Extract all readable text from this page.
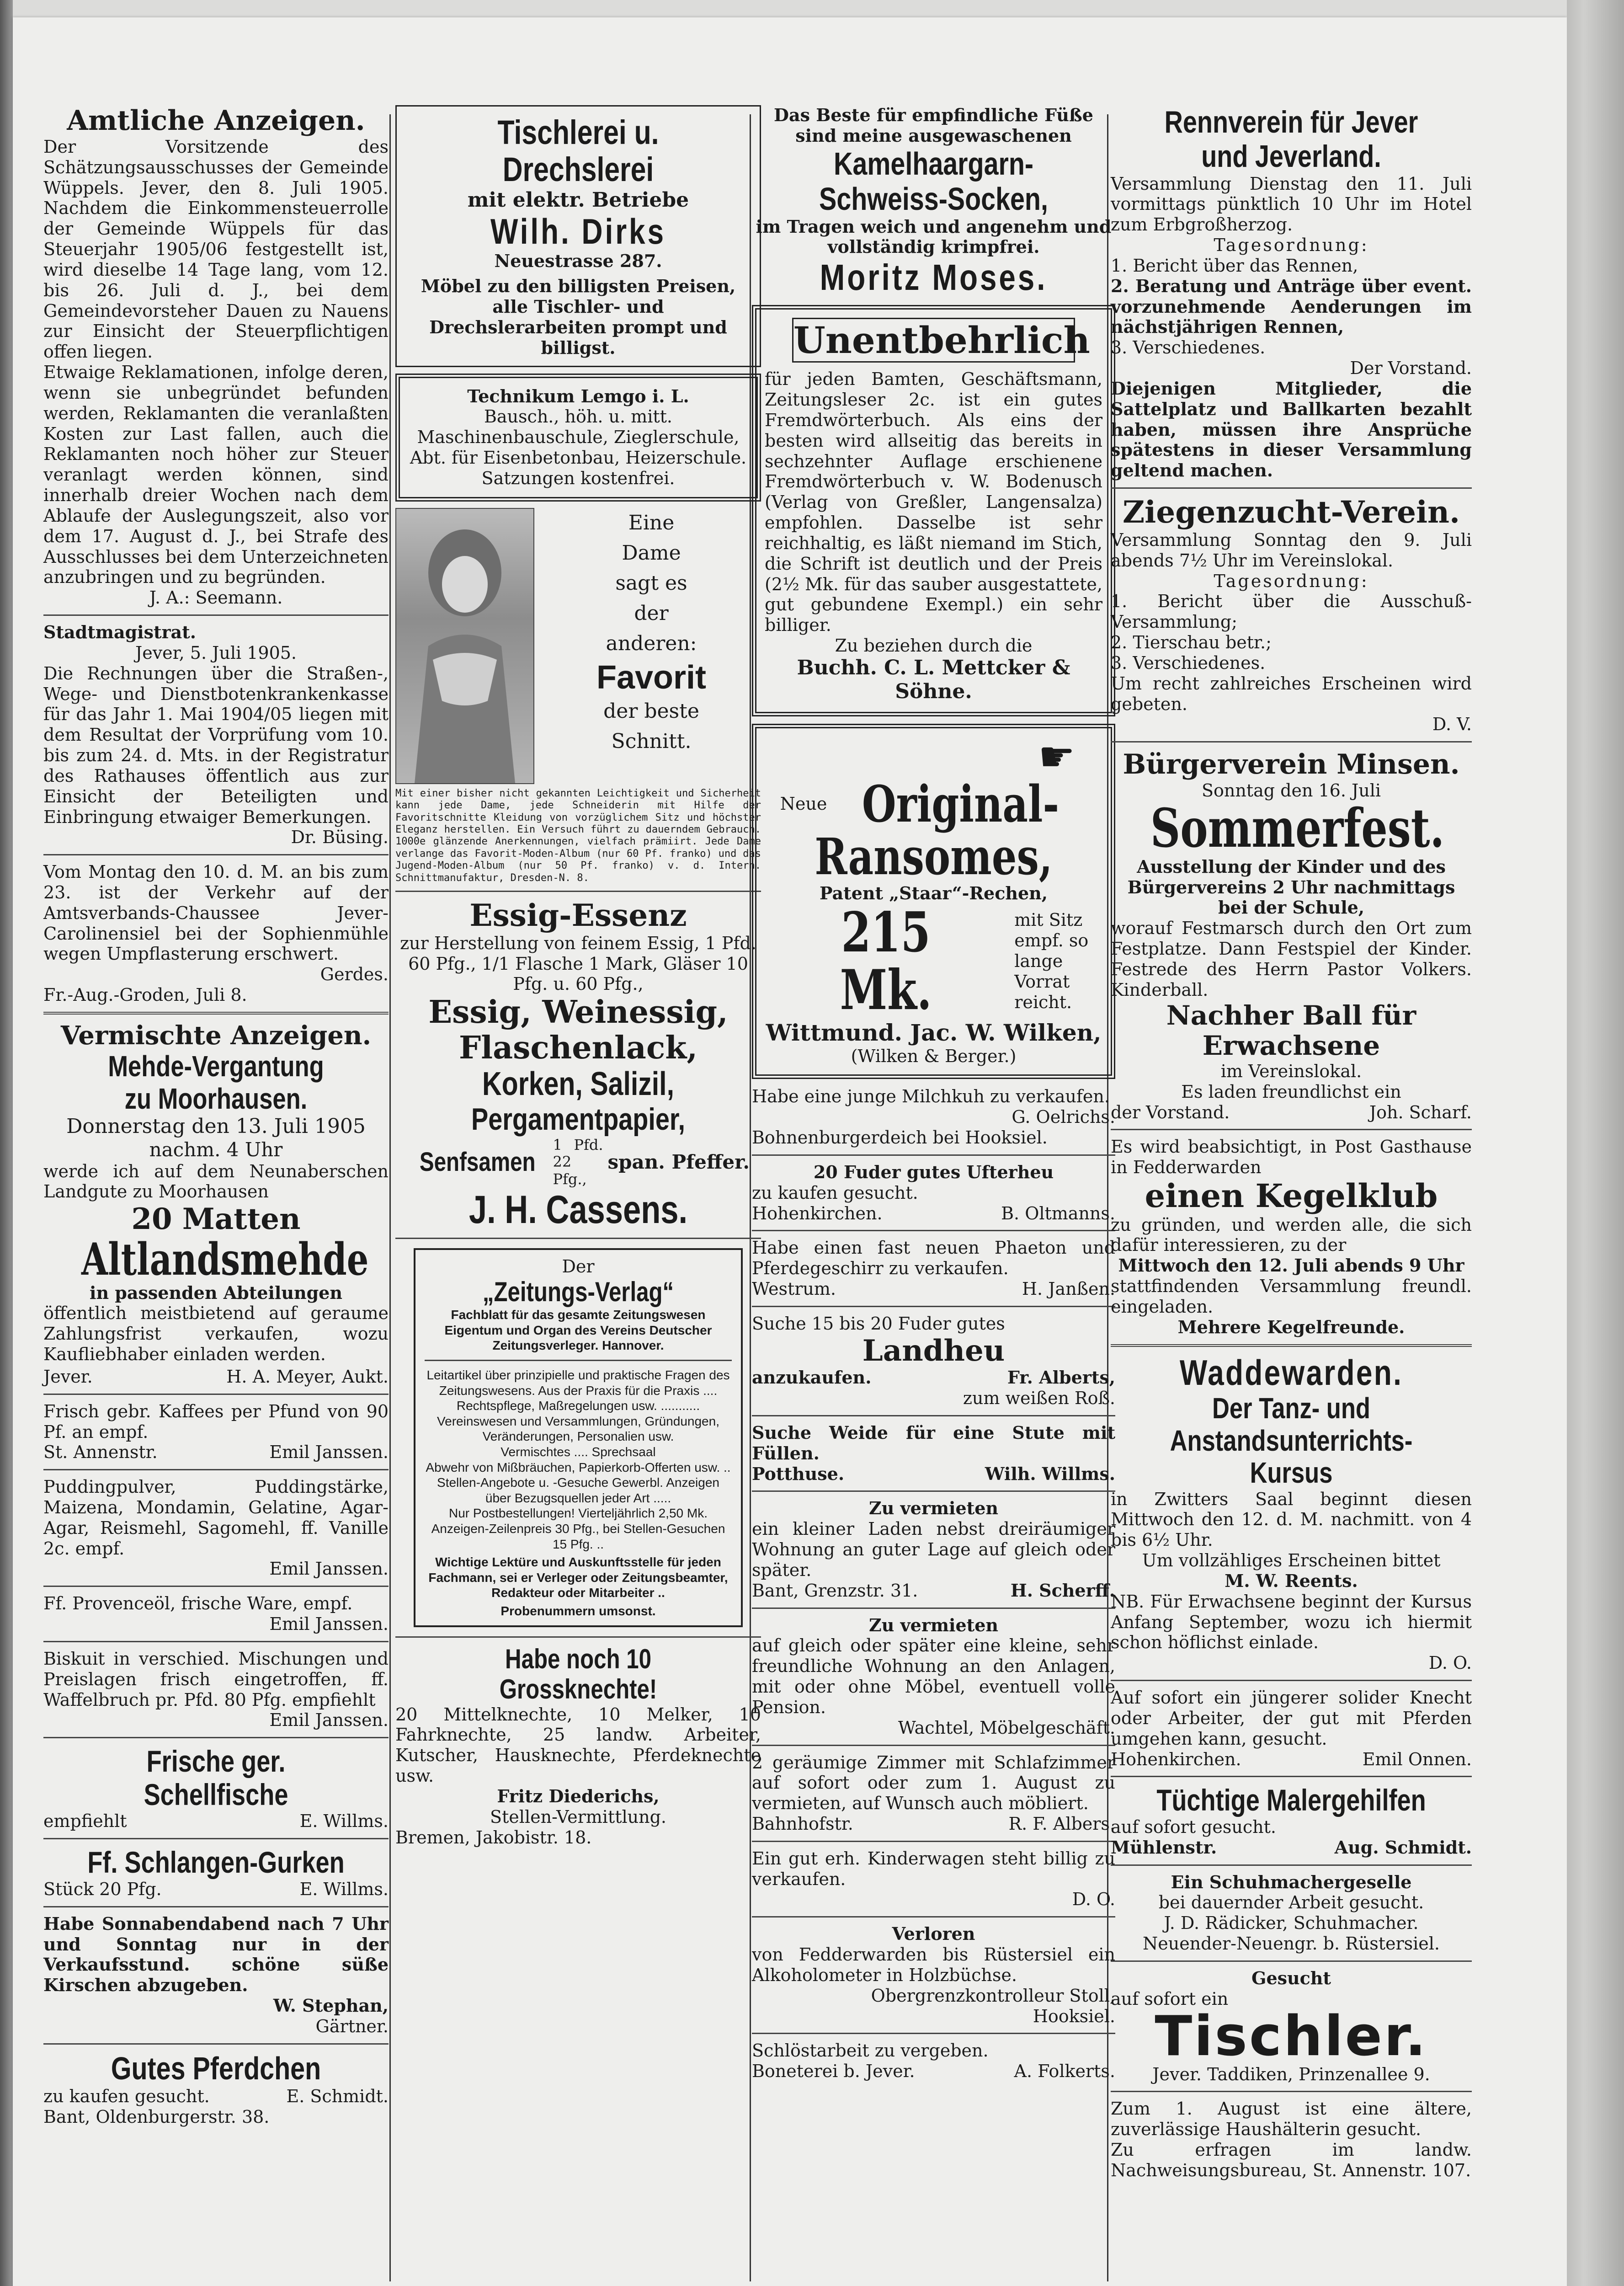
Amtliche Anzeigen.

Der Vorsitzende des Schätzungsausschusses der Gemeinde Wüppels. Jever, den 8. Juli 1905. Nachdem die Einkommensteuerrolle der Gemeinde Wüppels für das Steuerjahr 1905/06 festgestellt ist, wird dieselbe 14 Tage lang, vom 12. bis 26. Juli d. J., bei dem Gemeindevorsteher Dauen zu Nauens zur Einsicht der Steuerpflichtigen offen liegen.

Etwaige Reklamationen, infolge deren, wenn sie unbegründet befunden werden, Reklamanten die veranlaßten Kosten zur Last fallen, auch die Reklamanten noch höher zur Steuer veranlagt werden können, sind innerhalb dreier Wochen nach dem Ablaufe der Auslegungszeit, also vor dem 17. August d. J., bei Strafe des Ausschlusses bei dem Unterzeichneten anzubringen und zu begründen.

J. A.: Seemann.

Stadtmagistrat.

Jever, 5. Juli 1905.

Die Rechnungen über die Straßen-, Wege- und Dienstbotenkrankenkasse für das Jahr 1. Mai 1904/05 liegen mit dem Resultat der Vorprüfung vom 10. bis zum 24. d. Mts. in der Registratur des Rathauses öffentlich aus zur Einsicht der Beteiligten und Einbringung etwaiger Bemerkungen.

Dr. Büsing.

Vom Montag den 10. d. M. an bis zum 23. ist der Verkehr auf der Amtsverbands-Chaussee Jever-Carolinensiel bei der Sophienmühle wegen Umpflasterung erschwert.

Gerdes.

Fr.-Aug.-Groden, Juli 8.

Vermischte Anzeigen.
Mehde-Vergantung
zu Moorhausen.

Donnerstag den 13. Juli 1905

nachm. 4 Uhr

werde ich auf dem Neunaberschen Landgute zu Moorhausen

20 Matten

Altlandsmehde

in passenden Abteilungen

öffentlich meistbietend auf geraume Zahlungsfrist verkaufen, wozu Kaufliebhaber einladen werden.

Jever.	H. A. Meyer, Aukt.

Frisch gebr. Kaffees per Pfund von 90 Pf. an empf.

St. Annenstr.	Emil Janssen.

Puddingpulver, Puddingstärke, Maizena, Mondamin, Gelatine, Agar-Agar, Reismehl, Sagomehl, ff. Vanille 2c. empf.

Emil Janssen.

Ff. Provenceöl, frische Ware, empf.

Emil Janssen.

Biskuit in verschied. Mischungen und Preislagen frisch eingetroffen, ff. Waffelbruch pr. Pfd. 80 Pfg. empfiehlt

Emil Janssen.

Frische ger. Schellfische
empfiehlt	E. Willms.
Ff. Schlangen-Gurken
Stück 20 Pfg.	E. Willms.

Habe Sonnabendabend nach 7 Uhr und Sonntag nur in der Verkaufsstund. schöne süße Kirschen abzugeben.

W. Stephan,

Gärtner.

Gutes Pferdchen
zu kaufen gesucht.	E. Schmidt.

Bant, Oldenburgerstr. 38.

Tischlerei u. Drechslerei

mit elektr. Betriebe

Wilh. Dirks

Neuestrasse 287.

Möbel zu den billigsten Preisen, alle Tischler- und Drechslerarbeiten prompt und billigst.

Technikum Lemgo i. L.

Bausch., höh. u. mitt. Maschinenbauschule, Zieglerschule, Abt. für Eisenbetonbau, Heizerschule. Satzungen kostenfrei.

Eine

Dame

sagt es

der

anderen:

Favorit

der beste

Schnitt.

Mit einer bisher nicht gekannten Leichtigkeit und Sicherheit kann jede Dame, jede Schneiderin mit Hilfe der Favoritschnitte Kleidung von vorzüglichem Sitz und höchster Eleganz herstellen. Ein Versuch führt zu dauerndem Gebrauch. 1000e glänzende Anerkennungen, vielfach prämiirt. Jede Dame verlange das Favorit-Moden-Album (nur 60 Pf. franko) und das Jugend-Moden-Album (nur 50 Pf. franko) v. d. Intern. Schnittmanufaktur, Dresden-N. 8.

Essig-Essenz

zur Herstellung von feinem Essig, 1 Pfd. 60 Pfg., 1/1 Flasche 1 Mark, Gläser 10 Pfg. u. 60 Pfg.,

Essig, Weinessig,
Flaschenlack,
Korken, Salizil,
Pergamentpapier,
Senfsamen
1 Pfd. 22 Pfg.,
span. Pfeffer.
J. H. Cassens.

Der

„Zeitungs-Verlag“

Fachblatt für das gesamte Zeitungswesen Eigentum und Organ des Vereins Deutscher Zeitungsverleger. Hannover.

Leitartikel über prinzipielle und praktische Fragen des Zeitungswesens. Aus der Praxis für die Praxis ....

Rechtspflege, Maßregelungen usw. ...........

Vereinswesen und Versammlungen, Gründungen, Veränderungen, Personalien usw.

Vermischtes .... Sprechsaal

Abwehr von Mißbräuchen, Papierkorb-Offerten usw. ..

Stellen-Angebote u. -Gesuche Gewerbl. Anzeigen über Bezugsquellen jeder Art .....

Nur Postbestellungen! Vierteljährlich 2,50 Mk. Anzeigen-Zeilenpreis 30 Pfg., bei Stellen-Gesuchen 15 Pfg. ..

Wichtige Lektüre und Auskunftsstelle für jeden Fachmann, sei er Verleger oder Zeitungsbeamter, Redakteur oder Mitarbeiter ..

Probenummern umsonst.

Habe noch 10 Grossknechte!

20 Mittelknechte, 10 Melker, 10 Fahrknechte, 25 landw. Arbeiter, Kutscher, Hausknechte, Pferdeknechte usw.

Fritz Diederichs,

Stellen-Vermittlung.

Bremen, Jakobistr. 18.

Das Beste für empfindliche Füße

sind meine ausgewaschenen

Kamelhaargarn-
Schweiss-Socken,

im Tragen weich und angenehm und vollständig krimpfrei.

Moritz Moses.
Unentbehrlich

für jeden Bamten, Geschäftsmann, Zeitungsleser 2c. ist ein gutes Fremdwörterbuch. Als eins der besten wird allseitig das bereits in sechzehnter Auflage erschienene Fremdwörterbuch v. W. Bodenusch (Verlag von Greßler, Langensalza) empfohlen. Dasselbe ist sehr reichhaltig, es läßt niemand im Stich, die Schrift ist deutlich und der Preis (2½ Mk. für das sauber ausgestattete, gut gebundene Exempl.) ein sehr billiger.

Zu beziehen durch die

Buchh. C. L. Mettcker & Söhne.

☛
Neue Original-
Ransomes,

Patent „Staar“-Rechen,

215 Mk.
mit Sitz empf. so lange Vorrat reicht.

Wittmund. Jac. W. Wilken,

(Wilken & Berger.)

Habe eine junge Milchkuh zu verkaufen.

G. Oelrichs.

Bohnenburgerdeich bei Hooksiel.

20 Fuder gutes Ufterheu

zu kaufen gesucht.

Hohenkirchen.	B. Oltmanns.

Habe einen fast neuen Phaeton und Pferdegeschirr zu verkaufen.

Westrum.	H. Janßen.

Suche 15 bis 20 Fuder gutes

Landheu
anzukaufen.	Fr. Alberts,

zum weißen Roß.

Suche Weide für eine Stute mit Füllen.

Potthuse.	Wilh. Willms.

Zu vermieten

ein kleiner Laden nebst dreiräumiger Wohnung an guter Lage auf gleich oder später.

Bant, Grenzstr. 31.	H. Scherff.

Zu vermieten

auf gleich oder später eine kleine, sehr freundliche Wohnung an den Anlagen, mit oder ohne Möbel, eventuell volle Pension.

Wachtel, Möbelgeschäft.

2 geräumige Zimmer mit Schlafzimmer auf sofort oder zum 1. August zu vermieten, auf Wunsch auch möbliert.

Bahnhofstr.	R. F. Albers.

Ein gut erh. Kinderwagen steht billig zu verkaufen.

D. O.

Verloren

von Fedderwarden bis Rüstersiel ein Alkoholometer in Holzbüchse.

Obergrenzkontrolleur Stoll,

Hooksiel.

Schlöstarbeit zu vergeben.

Boneterei b. Jever.	A. Folkerts.
Rennverein für Jever und Jeverland.

Versammlung Dienstag den 11. Juli vormittags pünktlich 10 Uhr im Hotel zum Erbgroßherzog.

Tagesordnung:

1. Bericht über das Rennen,

2. Beratung und Anträge über event. vorzunehmende Aenderungen im nächstjährigen Rennen,

3. Verschiedenes.

Der Vorstand.

Diejenigen Mitglieder, die Sattelplatz und Ballkarten bezahlt haben, müssen ihre Ansprüche spätestens in dieser Versammlung geltend machen.

Ziegenzucht-Verein.

Versammlung Sonntag den 9. Juli abends 7½ Uhr im Vereinslokal.

Tagesordnung:

1. Bericht über die Ausschuß-Versammlung;

2. Tierschau betr.;

3. Verschiedenes.

Um recht zahlreiches Erscheinen wird gebeten.

D. V.

Bürgerverein Minsen.

Sonntag den 16. Juli

Sommerfest.

Ausstellung der Kinder und des Bürgervereins 2 Uhr nachmittags bei der Schule,

worauf Festmarsch durch den Ort zum Festplatze. Dann Festspiel der Kinder. Festrede des Herrn Pastor Volkers. Kinderball.

Nachher Ball für Erwachsene

im Vereinslokal.

Es laden freundlichst ein

der Vorstand.	Joh. Scharf.

Es wird beabsichtigt, in Post Gasthause in Fedderwarden

einen Kegelklub

zu gründen, und werden alle, die sich dafür interessieren, zu der

Mittwoch den 12. Juli abends 9 Uhr

stattfindenden Versammlung freundl. eingeladen.

Mehrere Kegelfreunde.

Waddewarden.
Der Tanz- und Anstandsunterrichts-Kursus

in Zwitters Saal beginnt diesen Mittwoch den 12. d. M. nachmitt. von 4 bis 6½ Uhr.

Um vollzähliges Erscheinen bittet

M. W. Reents.

NB. Für Erwachsene beginnt der Kursus Anfang September, wozu ich hiermit schon höflichst einlade.

D. O.

Auf sofort ein jüngerer solider Knecht oder Arbeiter, der gut mit Pferden umgehen kann, gesucht.

Hohenkirchen.	Emil Onnen.
Tüchtige Malergehilfen

auf sofort gesucht.

Mühlenstr.	Aug. Schmidt.

Ein Schuhmachergeselle

bei dauernder Arbeit gesucht.

J. D. Rädicker, Schuhmacher.

Neuender-Neuengr. b. Rüstersiel.

Gesucht

auf sofort ein

Tischler.

Jever. Taddiken, Prinzenallee 9.

Zum 1. August ist eine ältere, zuverlässige Haushälterin gesucht.

Zu erfragen im landw. Nachweisungsbureau, St. Annenstr. 107.
